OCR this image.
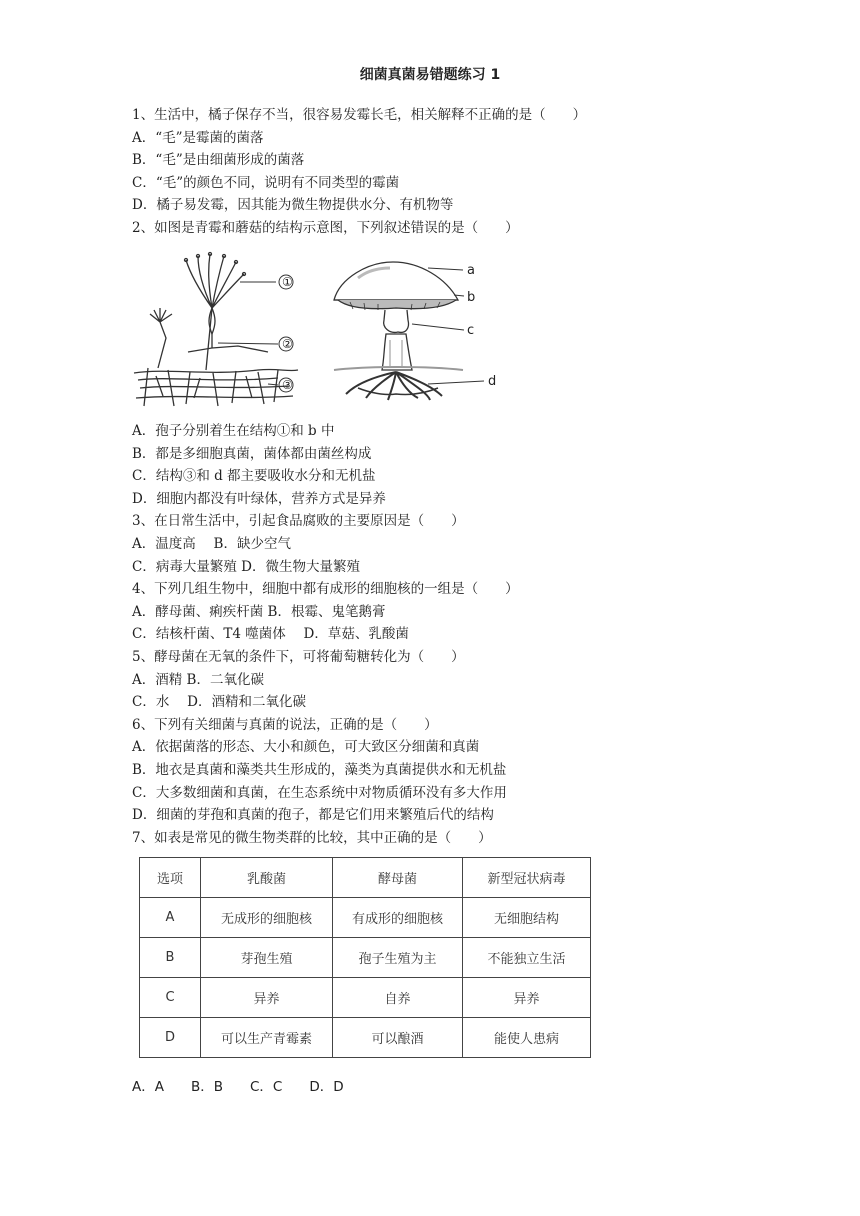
细菌真菌易错题练习 1
1、生活中，橘子保存不当，很容易发霉长毛，相关解释不正确的是（　　）
A．“毛”是霉菌的菌落
B．“毛”是由细菌形成的菌落
C．“毛”的颜色不同，说明有不同类型的霉菌
D．橘子易发霉，因其能为微生物提供水分、有机物等
2、如图是青霉和蘑菇的结构示意图，下列叙述错误的是（　　）
①
②
③
a
b
c
d
A．孢子分别着生在结构①和 b 中
B．都是多细胞真菌，菌体都由菌丝构成
C．结构③和 d 都主要吸收水分和无机盐
D．细胞内都没有叶绿体，营养方式是异养
3、在日常生活中，引起食品腐败的主要原因是（　　）
A．温度高　 B．缺少空气
C．病毒大量繁殖 D．微生物大量繁殖
4、下列几组生物中，细胞中都有成形的细胞核的一组是（　　）
A．酵母菌、痢疾杆菌 B．根霉、鬼笔鹅膏
C．结核杆菌、T4 噬菌体　 D．草菇、乳酸菌
5、酵母菌在无氧的条件下，可将葡萄糖转化为（　　）
A．酒精 B．二氧化碳
C．水　 D．酒精和二氧化碳
6、下列有关细菌与真菌的说法，正确的是（　　）
A．依据菌落的形态、大小和颜色，可大致区分细菌和真菌
B．地衣是真菌和藻类共生形成的，藻类为真菌提供水和无机盐
C．大多数细菌和真菌，在生态系统中对物质循环没有多大作用
D．细菌的芽孢和真菌的孢子，都是它们用来繁殖后代的结构
7、如表是常见的微生物类群的比较，其中正确的是（　　）
选项	乳酸菌	酵母菌	新型冠状病毒
A	无成形的细胞核	有成形的细胞核	无细胞结构
B	芽孢生殖	孢子生殖为主	不能独立生活
C	异养	自养	异养
D	可以生产青霉素	可以酿酒	能使人患病
A．A　　B．B　　C．C　　D．D
